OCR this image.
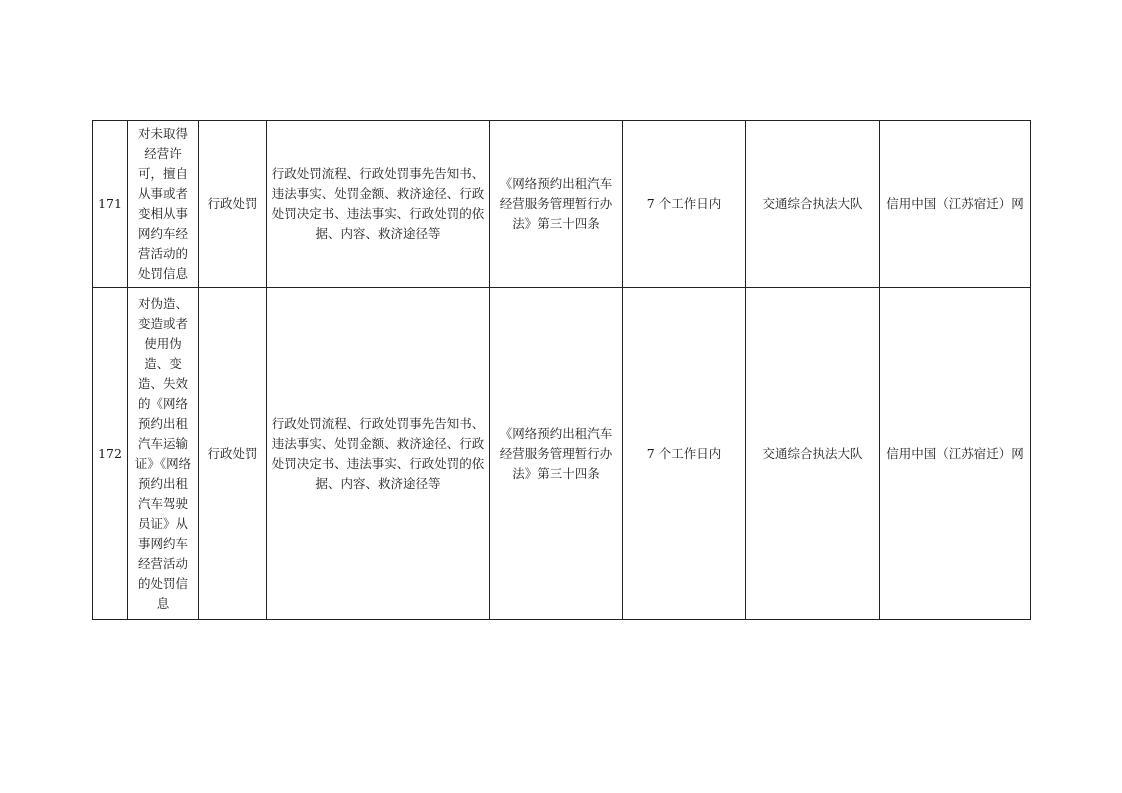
171	对未取得经营许可，擅自从事或者变相从事网约车经营活动的处罚信息	行政处罚	行政处罚流程、行政处罚事先告知书、违法事实、处罚金额、救济途径、行政处罚决定书、违法事实、行政处罚的依据、内容、救济途径等	《网络预约出租汽车经营服务管理暂行办法》第三十四条	7 个工作日内	交通综合执法大队	信用中国（江苏宿迁）网

172	对伪造、变造或者使用伪造、变造、失效的《网络预约出租汽车运输证》《网络预约出租汽车驾驶员证》从事网约车经营活动的处罚信息	行政处罚	行政处罚流程、行政处罚事先告知书、违法事实、处罚金额、救济途径、行政处罚决定书、违法事实、行政处罚的依据、内容、救济途径等	《网络预约出租汽车经营服务管理暂行办法》第三十四条	7 个工作日内	交通综合执法大队	信用中国（江苏宿迁）网
